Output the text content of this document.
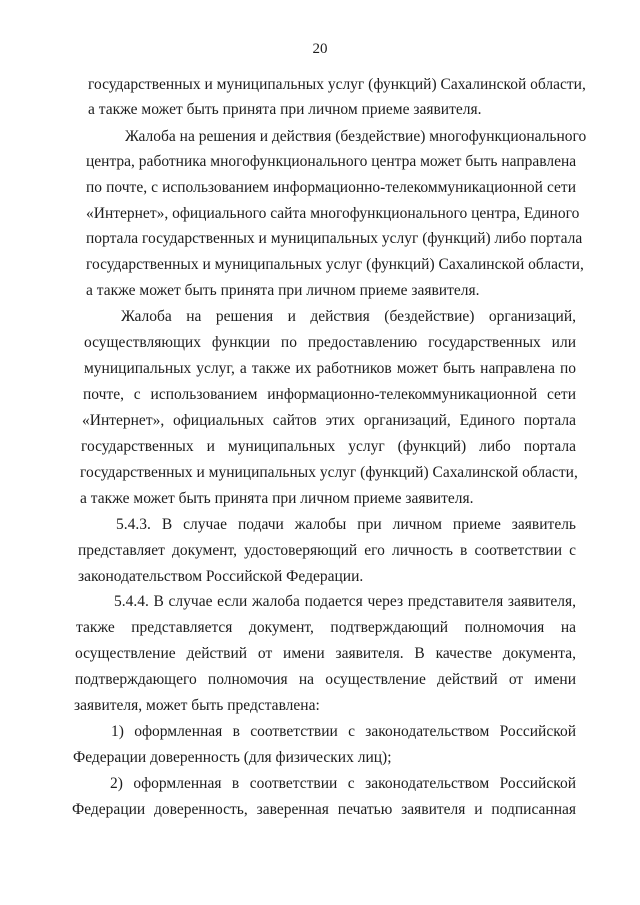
20
государственных и муниципальных услуг (функций) Сахалинской области,
а также может быть принята при личном приеме заявителя.
Жалоба на решения и действия (бездействие) многофункционального
центра, работника многофункционального центра может быть направлена
по почте, с использованием информационно-телекоммуникационной сети
«Интернет», официального сайта многофункционального центра, Единого
портала государственных и муниципальных услуг (функций) либо портала
государственных и муниципальных услуг (функций) Сахалинской области,
а также может быть принята при личном приеме заявителя.
Жалоба на решения и действия (бездействие) организаций,
осуществляющих функции по предоставлению государственных или
муниципальных услуг, а также их работников может быть направлена по
почте, с использованием информационно-телекоммуникационной сети
«Интернет», официальных сайтов этих организаций, Единого портала
государственных и муниципальных услуг (функций) либо портала
государственных и муниципальных услуг (функций) Сахалинской области,
а также может быть принята при личном приеме заявителя.
5.4.3. В случае подачи жалобы при личном приеме заявитель
представляет документ, удостоверяющий его личность в соответствии с
законодательством Российской Федерации.
5.4.4. В случае если жалоба подается через представителя заявителя,
также представляется документ, подтверждающий полномочия на
осуществление действий от имени заявителя. В качестве документа,
подтверждающего полномочия на осуществление действий от имени
заявителя, может быть представлена:
1) оформленная в соответствии с законодательством Российской
Федерации доверенность (для физических лиц);
2) оформленная в соответствии с законодательством Российской
Федерации доверенность, заверенная печатью заявителя и подписанная
